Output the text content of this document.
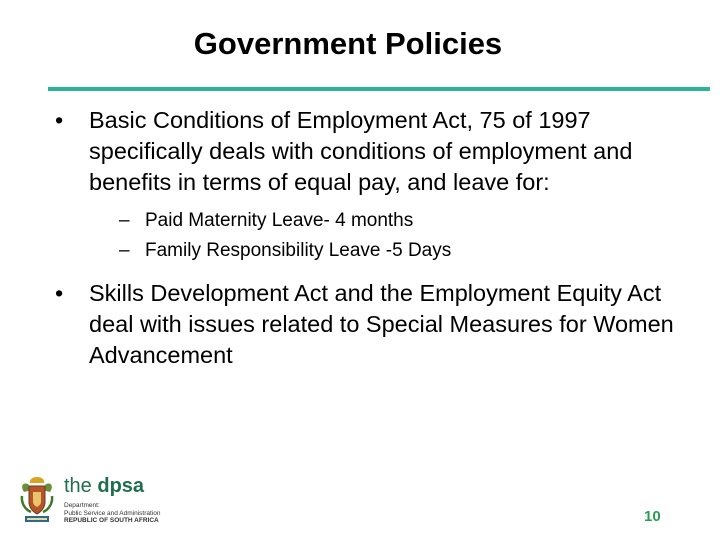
Government Policies
•	Basic Conditions of Employment Act, 75 of 1997 specifically deals with conditions of employment and benefits in terms of equal pay, and leave for:
– Paid Maternity Leave- 4 months
– Family Responsibility Leave -5 Days
•	Skills Development Act and the Employment Equity Act deal with issues related to Special Measures for Women Advancement
the dpsa
Department:
Public Service and Administration
REPUBLIC OF SOUTH AFRICA	10
